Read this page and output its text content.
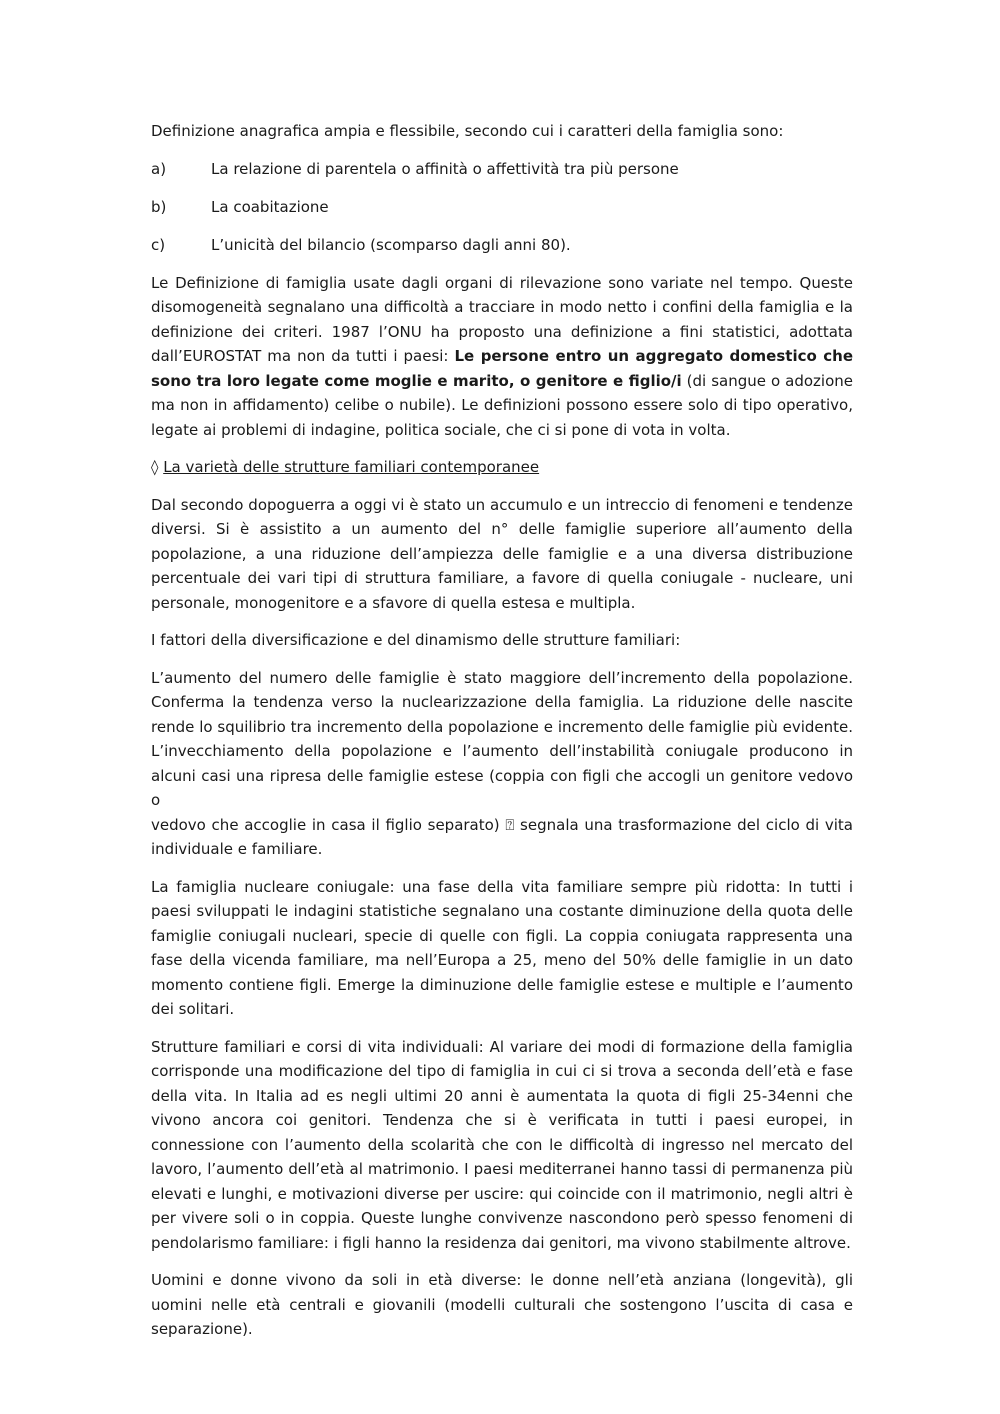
Definizione anagrafica ampia e flessibile, secondo cui i caratteri della famiglia sono:

a)	La relazione di parentela o affinità o affettività tra più persone
b)	La coabitazione
c)	L’unicità del bilancio (scomparso dagli anni 80).

Le Definizione di famiglia usate dagli organi di rilevazione sono variate nel tempo. Queste disomogeneità segnalano una difficoltà a tracciare in modo netto i confini della famiglia e la definizione dei criteri. 1987 l’ONU ha proposto una definizione a fini statistici, adottata dall’EUROSTAT ma non da tutti i paesi: Le persone entro un aggregato domestico che sono tra loro legate come moglie e marito, o genitore e figlio/i (di sangue o adozione ma non in affidamento) celibe o nubile). Le definizioni possono essere solo di tipo operativo, legate ai problemi di indagine, politica sociale, che ci si pone di vota in volta.

◊ La varietà delle strutture familiari contemporanee

Dal secondo dopoguerra a oggi vi è stato un accumulo e un intreccio di fenomeni e tendenze diversi. Si è assistito a un aumento del n° delle famiglie superiore all’aumento della popolazione, a una riduzione dell’ampiezza delle famiglie e a una diversa distribuzione percentuale dei vari tipi di struttura familiare, a favore di quella coniugale - nucleare, uni personale, monogenitore e a sfavore di quella estesa e multipla.

I fattori della diversificazione e del dinamismo delle strutture familiari:

L’aumento del numero delle famiglie è stato maggiore dell’incremento della popolazione. Conferma la tendenza verso la nuclearizzazione della famiglia. La riduzione delle nascite rende lo squilibrio tra incremento della popolazione e incremento delle famiglie più evidente. L’invecchiamento della popolazione e l’aumento dell’instabilità coniugale producono in alcuni casi una ripresa delle famiglie estese (coppia con figli che accogli un genitore vedovo o
vedovo che accoglie in casa il figlio separato) ⍰ segnala una trasformazione del ciclo di vita individuale e familiare.

La famiglia nucleare coniugale: una fase della vita familiare sempre più ridotta: In tutti i paesi sviluppati le indagini statistiche segnalano una costante diminuzione della quota delle famiglie coniugali nucleari, specie di quelle con figli. La coppia coniugata rappresenta una fase della vicenda familiare, ma nell’Europa a 25, meno del 50% delle famiglie in un dato momento contiene figli. Emerge la diminuzione delle famiglie estese e multiple e l’aumento dei solitari.

Strutture familiari e corsi di vita individuali: Al variare dei modi di formazione della famiglia corrisponde una modificazione del tipo di famiglia in cui ci si trova a seconda dell’età e fase della vita. In Italia ad es negli ultimi 20 anni è aumentata la quota di figli 25-34enni che vivono ancora coi genitori. Tendenza che si è verificata in tutti i paesi europei, in connessione con l’aumento della scolarità che con le difficoltà di ingresso nel mercato del lavoro, l’aumento dell’età al matrimonio. I paesi mediterranei hanno tassi di permanenza più elevati e lunghi, e motivazioni diverse per uscire: qui coincide con il matrimonio, negli altri è per vivere soli o in coppia. Queste lunghe convivenze nascondono però spesso fenomeni di pendolarismo familiare: i figli hanno la residenza dai genitori, ma vivono stabilmente altrove.

Uomini e donne vivono da soli in età diverse: le donne nell’età anziana (longevità), gli uomini nelle età centrali e giovanili (modelli culturali che sostengono l’uscita di casa e separazione).
